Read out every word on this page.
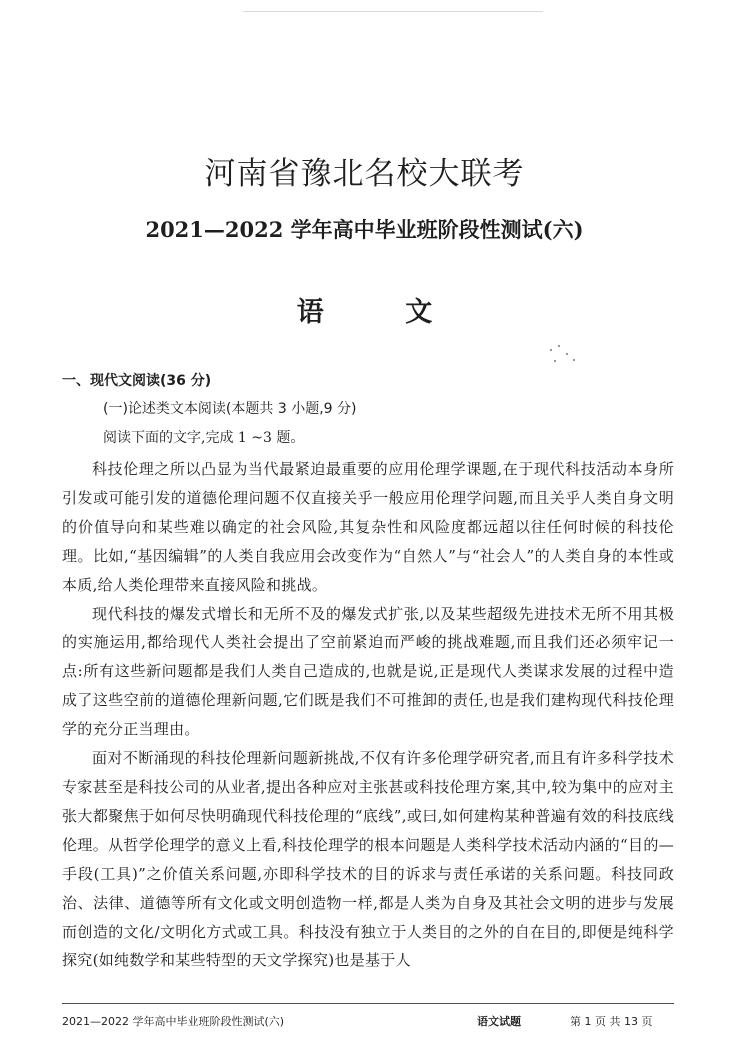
河南省豫北名校大联考
2021—2022 学年高中毕业班阶段性测试(六)
语 文
一、现代文阅读(36 分)
(一)论述类文本阅读(本题共 3 小题,9 分)
阅读下面的文字,完成 1 ~3 题。

科技伦理之所以凸显为当代最紧迫最重要的应用伦理学课题,在于现代科技活动本身所引发或可能引发的道德伦理问题不仅直接关乎一般应用伦理学问题,而且关乎人类自身文明的价值导向和某些难以确定的社会风险,其复杂性和风险度都远超以往任何时候的科技伦理。比如,“基因编辑”的人类自我应用会改变作为“自然人”与“社会人”的人类自身的本性或本质,给人类伦理带来直接风险和挑战。

现代科技的爆发式增长和无所不及的爆发式扩张,以及某些超级先进技术无所不用其极的实施运用,都给现代人类社会提出了空前紧迫而严峻的挑战难题,而且我们还必须牢记一点:所有这些新问题都是我们人类自己造成的,也就是说,正是现代人类谋求发展的过程中造成了这些空前的道德伦理新问题,它们既是我们不可推卸的责任,也是我们建构现代科技伦理学的充分正当理由。

面对不断涌现的科技伦理新问题新挑战,不仅有许多伦理学研究者,而且有许多科学技术专家甚至是科技公司的从业者,提出各种应对主张甚或科技伦理方案,其中,较为集中的应对主张大都聚焦于如何尽快明确现代科技伦理的“底线”,或曰,如何建构某种普遍有效的科技底线伦理。从哲学伦理学的意义上看,科技伦理学的根本问题是人类科学技术活动内涵的“目的—手段(工具)”之价值关系问题,亦即科学技术的目的诉求与责任承诺的关系问题。科技同政治、法律、道德等所有文化或文明创造物一样,都是人类为自身及其社会文明的进步与发展而创造的文化/文明化方式或工具。科技没有独立于人类目的之外的自在目的,即便是纯科学探究(如纯数学和某些特型的天文学探究)也是基于人

2021—2022 学年高中毕业班阶段性测试(六)	语文试题	第 1 页 共 13 页
